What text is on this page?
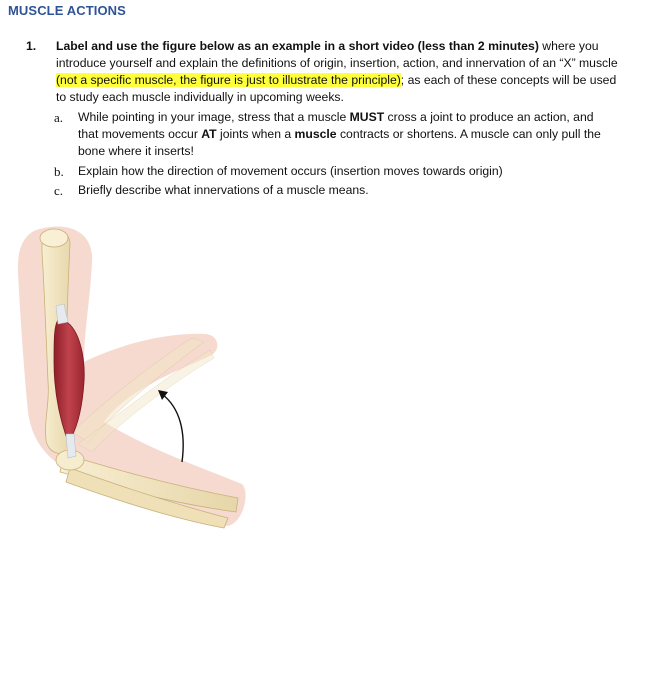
MUSCLE ACTIONS
1. Label and use the figure below as an example in a short video (less than 2 minutes) where you introduce yourself and explain the definitions of origin, insertion, action, and innervation of an “X” muscle (not a specific muscle, the figure is just to illustrate the principle); as each of these concepts will be used to study each muscle individually in upcoming weeks.
a. While pointing in your image, stress that a muscle MUST cross a joint to produce an action, and that movements occur AT joints when a muscle contracts or shortens. A muscle can only pull the bone where it inserts!
b. Explain how the direction of movement occurs (insertion moves towards origin)
c. Briefly describe what innervations of a muscle means.
